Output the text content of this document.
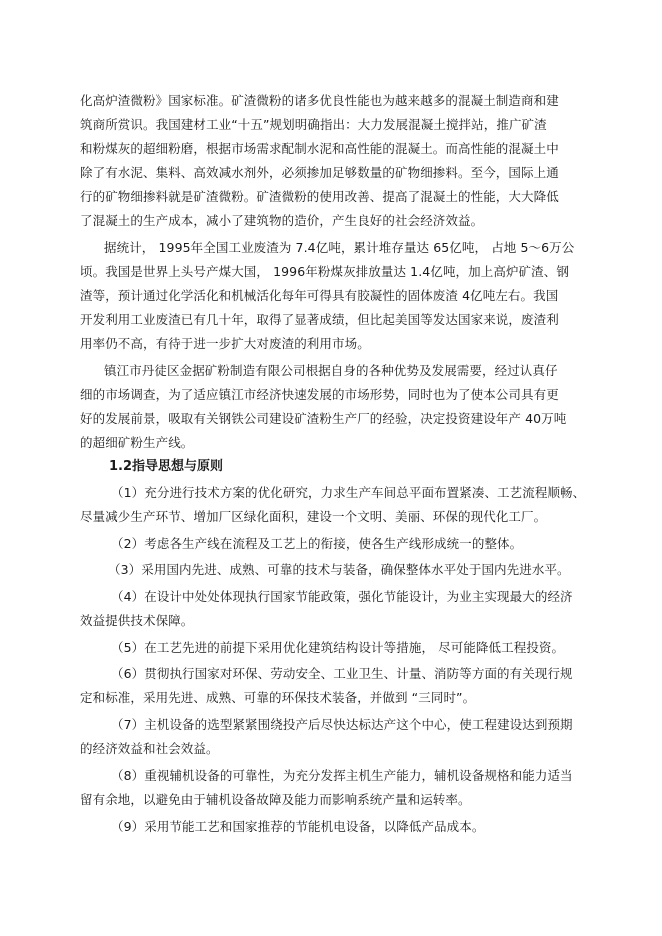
化高炉渣微粉》国家标准。矿渣微粉的诸多优良性能也为越来越多的混凝土制造商和建
筑商所赏识。我国建材工业“十五”规划明确指出：大力发展混凝土搅拌站，推广矿渣
和粉煤灰的超细粉磨，根据市场需求配制水泥和高性能的混凝土。而高性能的混凝土中
除了有水泥、集料、高效减水剂外，必须掺加足够数量的矿物细掺料。至今，国际上通
行的矿物细掺料就是矿渣微粉。矿渣微粉的使用改善、提高了混凝土的性能，大大降低
了混凝土的生产成本，减小了建筑物的造价，产生良好的社会经济效益。
据统计， 1995年全国工业废渣为 7.4亿吨，累计堆存量达 65亿吨， 占地 5～6万公
顷。我国是世界上头号产煤大国， 1996年粉煤灰排放量达 1.4亿吨，加上高炉矿渣、钢
渣等，预计通过化学活化和机械活化每年可得具有胶凝性的固体废渣 4亿吨左右。我国
开发利用工业废渣已有几十年，取得了显著成绩，但比起美国等发达国家来说，废渣利
用率仍不高，有待于进一步扩大对废渣的利用市场。
镇江市丹徒区金据矿粉制造有限公司根据自身的各种优势及发展需要，经过认真仔
细的市场调查，为了适应镇江市经济快速发展的市场形势，同时也为了使本公司具有更
好的发展前景，吸取有关钢铁公司建设矿渣粉生产厂的经验，决定投资建设年产 40万吨
的超细矿粉生产线。
1.2指导思想与原则
（1）充分进行技术方案的优化研究，力求生产车间总平面布置紧凑、工艺流程顺畅、
尽量减少生产环节、增加厂区绿化面积，建设一个文明、美丽、环保的现代化工厂。
（2）考虑各生产线在流程及工艺上的衔接，使各生产线形成统一的整体。
（3）采用国内先进、成熟、可靠的技术与装备，确保整体水平处于国内先进水平。
（4）在设计中处处体现执行国家节能政策，强化节能设计，为业主实现最大的经济
效益提供技术保障。
（5）在工艺先进的前提下采用优化建筑结构设计等措施， 尽可能降低工程投资。
（6）贯彻执行国家对环保、劳动安全、工业卫生、计量、消防等方面的有关现行规
定和标准，采用先进、成熟、可靠的环保技术装备，并做到 “三同时”。
（7）主机设备的选型紧紧围绕投产后尽快达标达产这个中心，使工程建设达到预期
的经济效益和社会效益。
（8）重视辅机设备的可靠性，为充分发挥主机生产能力，辅机设备规格和能力适当
留有余地，以避免由于辅机设备故障及能力而影响系统产量和运转率。
（9）采用节能工艺和国家推荐的节能机电设备，以降低产品成本。
